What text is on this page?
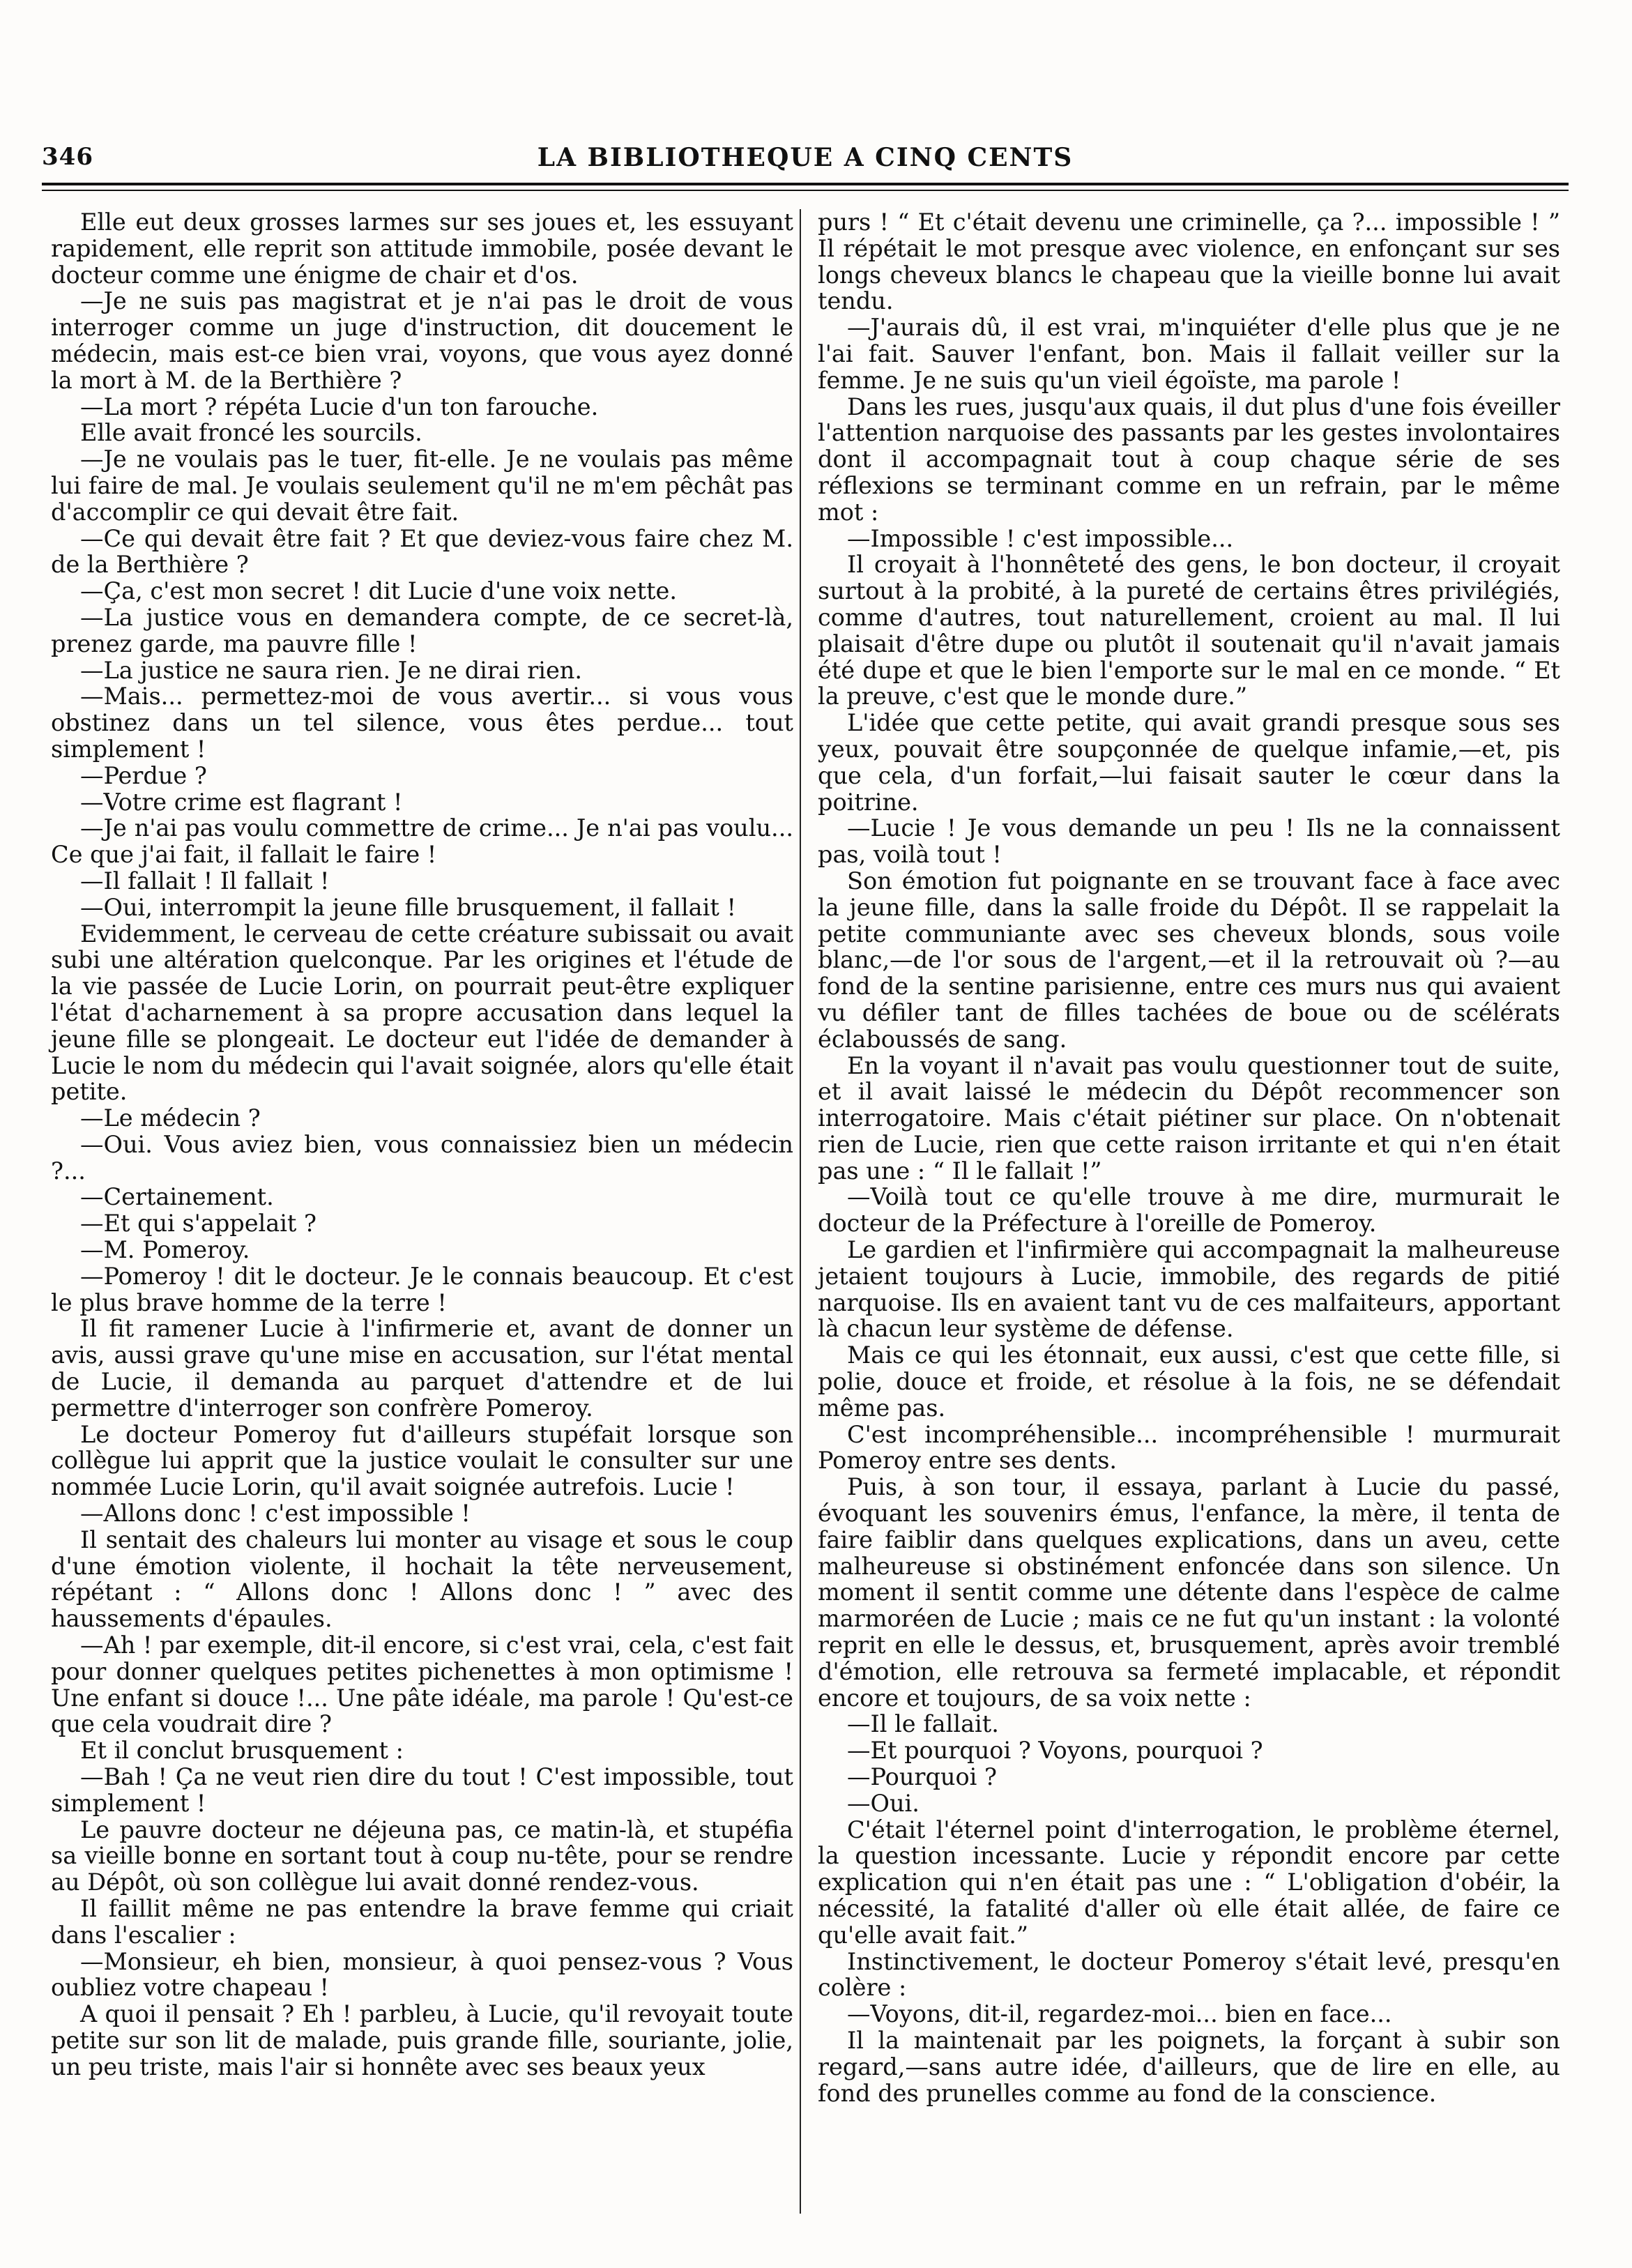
346	LA BIBLIOTHEQUE A CINQ CENTS

Elle eut deux grosses larmes sur ses joues et, les essuyant rapidement, elle reprit son attitude immobile, posée devant le docteur comme une énigme de chair et d'os.

—Je ne suis pas magistrat et je n'ai pas le droit de vous interroger comme un juge d'instruction, dit doucement le médecin, mais est-ce bien vrai, voyons, que vous ayez donné la mort à M. de la Berthière ?

—La mort ? répéta Lucie d'un ton farouche.

Elle avait froncé les sourcils.

—Je ne voulais pas le tuer, fit-elle. Je ne voulais pas même lui faire de mal. Je voulais seulement qu'il ne m'em pêchât pas d'accomplir ce qui devait être fait.

—Ce qui devait être fait ? Et que deviez-vous faire chez M. de la Berthière ?

—Ça, c'est mon secret ! dit Lucie d'une voix nette.

—La justice vous en demandera compte, de ce secret-là, prenez garde, ma pauvre fille !

—La justice ne saura rien. Je ne dirai rien.

—Mais... permettez-moi de vous avertir... si vous vous obstinez dans un tel silence, vous êtes perdue... tout simplement !

—Perdue ?

—Votre crime est flagrant !

—Je n'ai pas voulu commettre de crime... Je n'ai pas voulu... Ce que j'ai fait, il fallait le faire !

—Il fallait ! Il fallait !

—Oui, interrompit la jeune fille brusquement, il fallait !

Evidemment, le cerveau de cette créature subissait ou avait subi une altération quelconque. Par les origines et l'étude de la vie passée de Lucie Lorin, on pourrait peut-être expliquer l'état d'acharnement à sa propre accusation dans lequel la jeune fille se plongeait. Le docteur eut l'idée de demander à Lucie le nom du médecin qui l'avait soignée, alors qu'elle était petite.

—Le médecin ?

—Oui. Vous aviez bien, vous connaissiez bien un médecin ?...

—Certainement.

—Et qui s'appelait ?

—M. Pomeroy.

—Pomeroy ! dit le docteur. Je le connais beaucoup. Et c'est le plus brave homme de la terre !

Il fit ramener Lucie à l'infirmerie et, avant de donner un avis, aussi grave qu'une mise en accusation, sur l'état mental de Lucie, il demanda au parquet d'attendre et de lui permettre d'interroger son confrère Pomeroy.

Le docteur Pomeroy fut d'ailleurs stupéfait lorsque son collègue lui apprit que la justice voulait le consulter sur une nommée Lucie Lorin, qu'il avait soignée autrefois. Lucie !

—Allons donc ! c'est impossible !

Il sentait des chaleurs lui monter au visage et sous le coup d'une émotion violente, il hochait la tête nerveusement, répétant : “ Allons donc ! Allons donc ! ” avec des haussements d'épaules.

—Ah ! par exemple, dit-il encore, si c'est vrai, cela, c'est fait pour donner quelques petites pichenettes à mon optimisme ! Une enfant si douce !... Une pâte idéale, ma parole ! Qu'est-ce que cela voudrait dire ?

Et il conclut brusquement :

—Bah ! Ça ne veut rien dire du tout ! C'est impossible, tout simplement !

Le pauvre docteur ne déjeuna pas, ce matin-là, et stupéfia sa vieille bonne en sortant tout à coup nu-tête, pour se rendre au Dépôt, où son collègue lui avait donné rendez-vous.

Il faillit même ne pas entendre la brave femme qui criait dans l'escalier :

—Monsieur, eh bien, monsieur, à quoi pensez-vous ? Vous oubliez votre chapeau !

A quoi il pensait ? Eh ! parbleu, à Lucie, qu'il revoyait toute petite sur son lit de malade, puis grande fille, souriante, jolie, un peu triste, mais l'air si honnête avec ses beaux yeux

purs ! “ Et c'était devenu une criminelle, ça ?... impossible ! ” Il répétait le mot presque avec violence, en enfonçant sur ses longs cheveux blancs le chapeau que la vieille bonne lui avait tendu.

—J'aurais dû, il est vrai, m'inquiéter d'elle plus que je ne l'ai fait. Sauver l'enfant, bon. Mais il fallait veiller sur la femme. Je ne suis qu'un vieil égoïste, ma parole !

Dans les rues, jusqu'aux quais, il dut plus d'une fois éveiller l'attention narquoise des passants par les gestes involontaires dont il accompagnait tout à coup chaque série de ses réflexions se terminant comme en un refrain, par le même mot :

—Impossible ! c'est impossible...

Il croyait à l'honnêteté des gens, le bon docteur, il croyait surtout à la probité, à la pureté de certains êtres privilégiés, comme d'autres, tout naturellement, croient au mal. Il lui plaisait d'être dupe ou plutôt il soutenait qu'il n'avait jamais été dupe et que le bien l'emporte sur le mal en ce monde. “ Et la preuve, c'est que le monde dure.”

L'idée que cette petite, qui avait grandi presque sous ses yeux, pouvait être soupçonnée de quelque infamie,—et, pis que cela, d'un forfait,—lui faisait sauter le cœur dans la poitrine.

—Lucie ! Je vous demande un peu ! Ils ne la connaissent pas, voilà tout !

Son émotion fut poignante en se trouvant face à face avec la jeune fille, dans la salle froide du Dépôt. Il se rappelait la petite communiante avec ses cheveux blonds, sous voile blanc,—de l'or sous de l'argent,—et il la retrouvait où ?—au fond de la sentine parisienne, entre ces murs nus qui avaient vu défiler tant de filles tachées de boue ou de scélérats éclaboussés de sang.

En la voyant il n'avait pas voulu questionner tout de suite, et il avait laissé le médecin du Dépôt recommencer son interrogatoire. Mais c'était piétiner sur place. On n'obtenait rien de Lucie, rien que cette raison irritante et qui n'en était pas une : “ Il le fallait !”

—Voilà tout ce qu'elle trouve à me dire, murmurait le docteur de la Préfecture à l'oreille de Pomeroy.

Le gardien et l'infirmière qui accompagnait la malheureuse jetaient toujours à Lucie, immobile, des regards de pitié narquoise. Ils en avaient tant vu de ces malfaiteurs, apportant là chacun leur système de défense.

Mais ce qui les étonnait, eux aussi, c'est que cette fille, si polie, douce et froide, et résolue à la fois, ne se défendait même pas.

C'est incompréhensible... incompréhensible ! murmurait Pomeroy entre ses dents.

Puis, à son tour, il essaya, parlant à Lucie du passé, évoquant les souvenirs émus, l'enfance, la mère, il tenta de faire faiblir dans quelques explications, dans un aveu, cette malheureuse si obstinément enfoncée dans son silence. Un moment il sentit comme une détente dans l'espèce de calme marmoréen de Lucie ; mais ce ne fut qu'un instant : la volonté reprit en elle le dessus, et, brusquement, après avoir tremblé d'émotion, elle retrouva sa fermeté implacable, et répondit encore et toujours, de sa voix nette :

—Il le fallait.

—Et pourquoi ? Voyons, pourquoi ?

—Pourquoi ?

—Oui.

C'était l'éternel point d'interrogation, le problème éternel, la question incessante. Lucie y répondit encore par cette explication qui n'en était pas une : “ L'obligation d'obéir, la nécessité, la fatalité d'aller où elle était allée, de faire ce qu'elle avait fait.”

Instinctivement, le docteur Pomeroy s'était levé, presqu'en colère :

—Voyons, dit-il, regardez-moi... bien en face...

Il la maintenait par les poignets, la forçant à subir son regard,—sans autre idée, d'ailleurs, que de lire en elle, au fond des prunelles comme au fond de la conscience.
